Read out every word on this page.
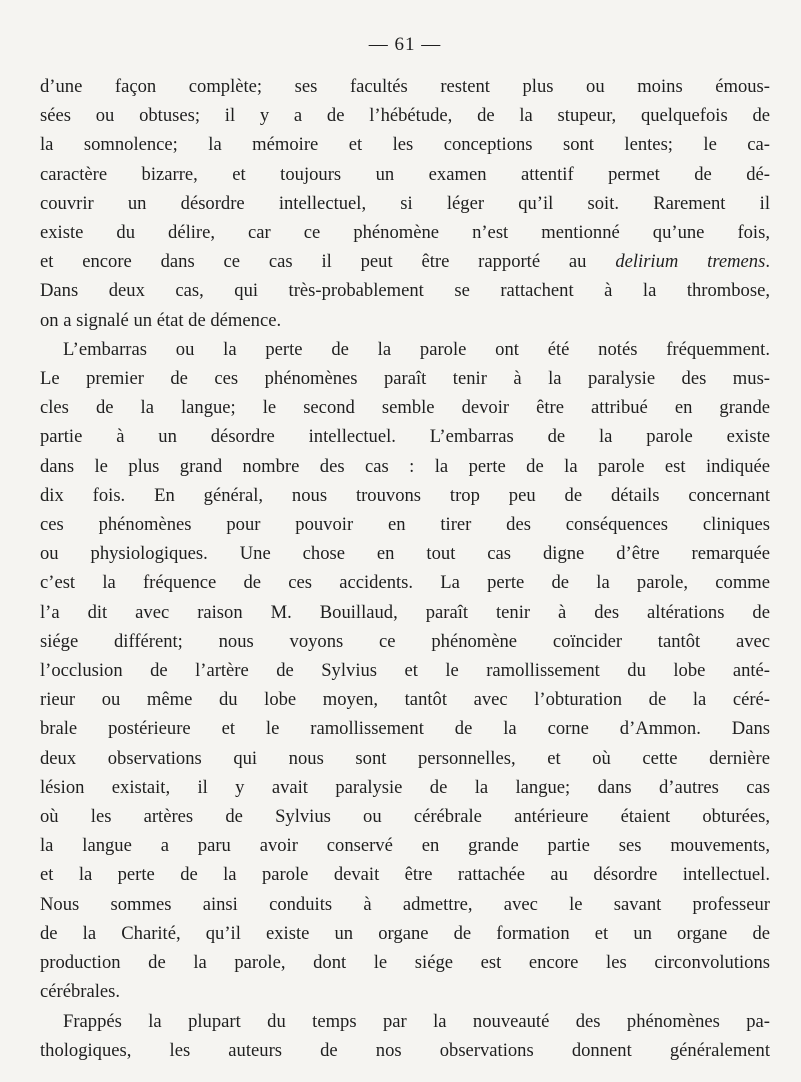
— 61 —
d’une façon complète; ses facultés restent plus ou moins émous-
sées ou obtuses; il y a de l’hébétude, de la stupeur, quelquefois de
la somnolence; la mémoire et les conceptions sont lentes; le ca-
caractère bizarre, et toujours un examen attentif permet de dé-
couvrir un désordre intellectuel, si léger qu’il soit. Rarement il
existe du délire, car ce phénomène n’est mentionné qu’une fois,
et encore dans ce cas il peut être rapporté au delirium tremens.
Dans deux cas, qui très-probablement se rattachent à la thrombose,
on a signalé un état de démence.
L’embarras ou la perte de la parole ont été notés fréquemment.
Le premier de ces phénomènes paraît tenir à la paralysie des mus-
cles de la langue; le second semble devoir être attribué en grande
partie à un désordre intellectuel. L’embarras de la parole existe
dans le plus grand nombre des cas : la perte de la parole est indiquée
dix fois. En général, nous trouvons trop peu de détails concernant
ces phénomènes pour pouvoir en tirer des conséquences cliniques
ou physiologiques. Une chose en tout cas digne d’être remarquée
c’est la fréquence de ces accidents. La perte de la parole, comme
l’a dit avec raison M. Bouillaud, paraît tenir à des altérations de
siége différent; nous voyons ce phénomène coïncider tantôt avec
l’occlusion de l’artère de Sylvius et le ramollissement du lobe anté-
rieur ou même du lobe moyen, tantôt avec l’obturation de la céré-
brale postérieure et le ramollissement de la corne d’Ammon. Dans
deux observations qui nous sont personnelles, et où cette dernière
lésion existait, il y avait paralysie de la langue; dans d’autres cas
où les artères de Sylvius ou cérébrale antérieure étaient obturées,
la langue a paru avoir conservé en grande partie ses mouvements,
et la perte de la parole devait être rattachée au désordre intellectuel.
Nous sommes ainsi conduits à admettre, avec le savant professeur
de la Charité, qu’il existe un organe de formation et un organe de
production de la parole, dont le siége est encore les circonvolutions
cérébrales.
Frappés la plupart du temps par la nouveauté des phénomènes pa-
thologiques, les auteurs de nos observations donnent généralement
